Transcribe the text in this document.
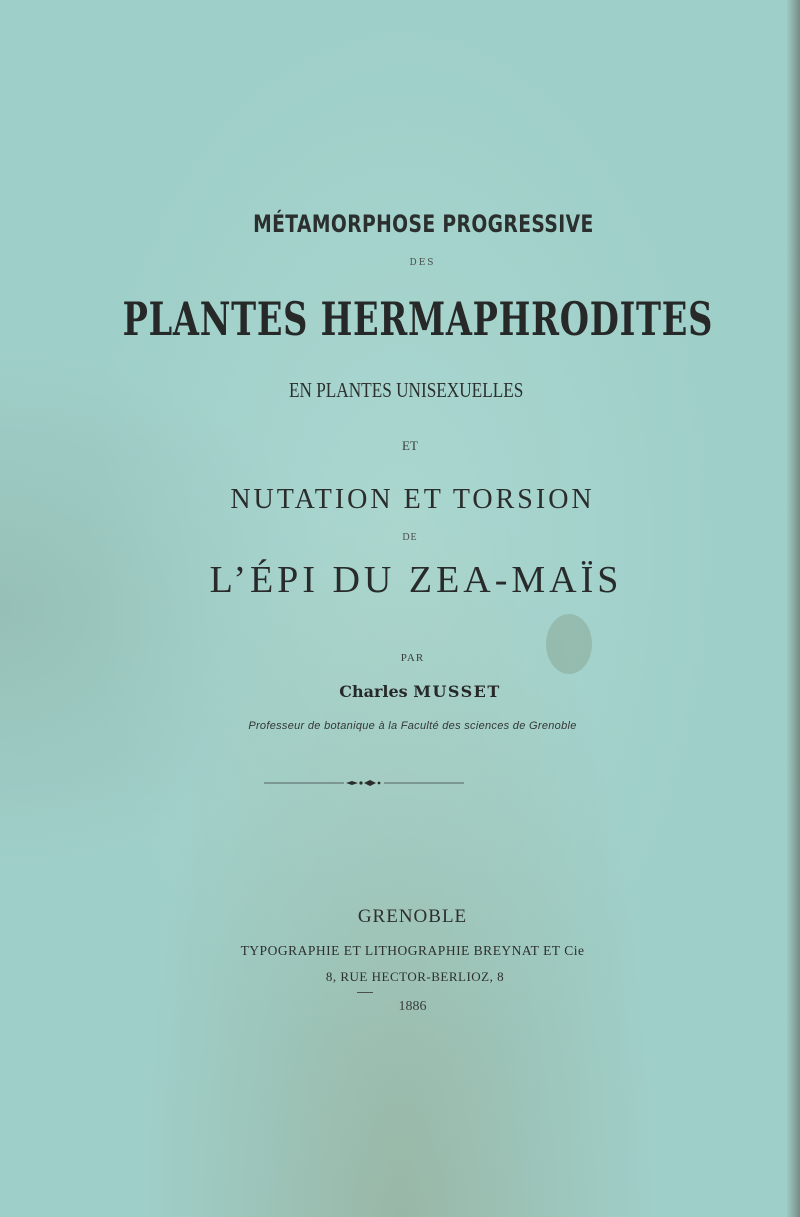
MÉTAMORPHOSE PROGRESSIVE
DES
PLANTES HERMAPHRODITES
EN PLANTES UNISEXUELLES
ET
NUTATION ET TORSION
DE
L’ÉPI DU ZEA-MAÏS
PAR
Charles MUSSET
Professeur de botanique à la Faculté des sciences de Grenoble
GRENOBLE
TYPOGRAPHIE ET LITHOGRAPHIE BREYNAT ET Cie
8, RUE HECTOR-BERLIOZ, 8
1886
